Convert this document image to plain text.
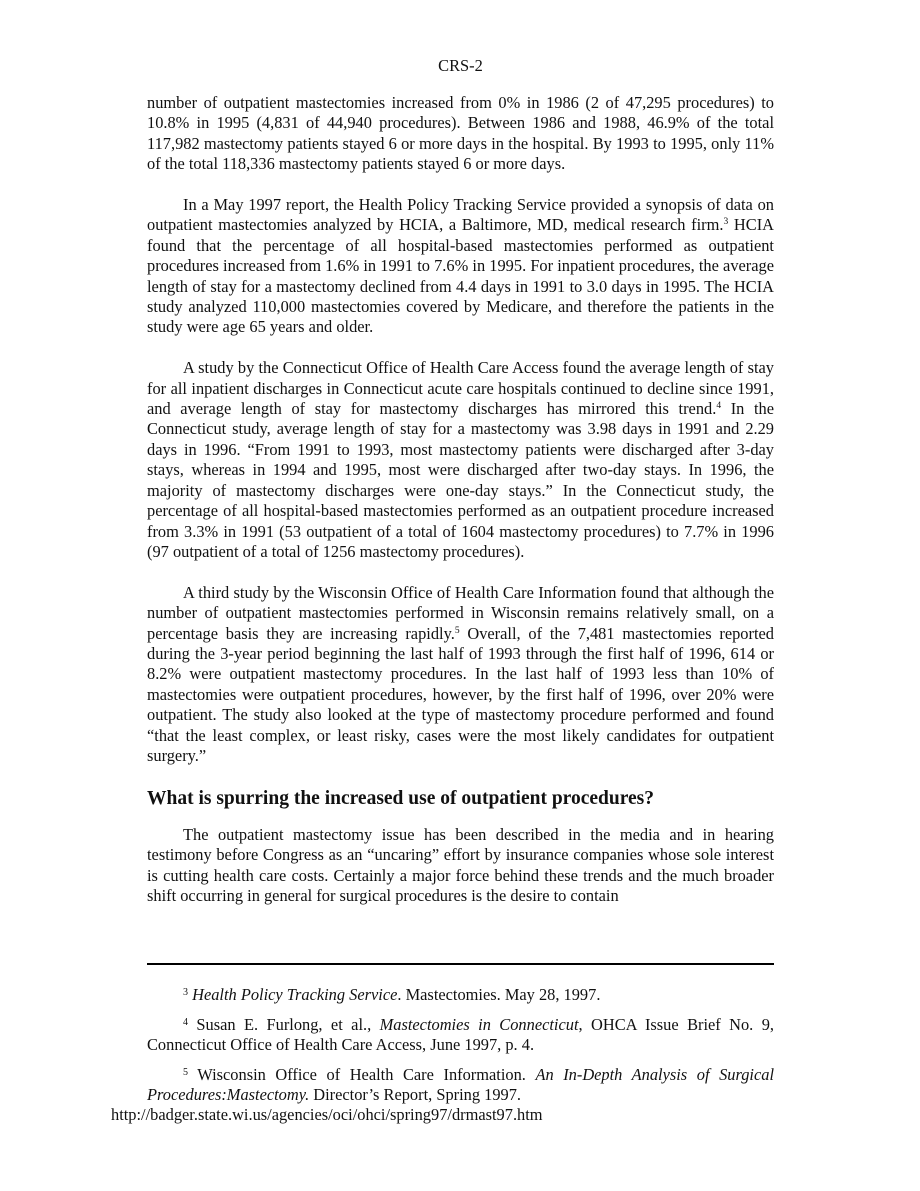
CRS-2

number of outpatient mastectomies increased from 0% in 1986 (2 of 47,295 procedures) to 10.8% in 1995 (4,831 of 44,940 procedures). Between 1986 and 1988, 46.9% of the total 117,982 mastectomy patients stayed 6 or more days in the hospital. By 1993 to 1995, only 11% of the total 118,336 mastectomy patients stayed 6 or more days.

In a May 1997 report, the Health Policy Tracking Service provided a synopsis of data on outpatient mastectomies analyzed by HCIA, a Baltimore, MD, medical research firm.$^3$ HCIA found that the percentage of all hospital-based mastectomies performed as outpatient procedures increased from 1.6% in 1991 to 7.6% in 1995. For inpatient procedures, the average length of stay for a mastectomy declined from 4.4 days in 1991 to 3.0 days in 1995. The HCIA study analyzed 110,000 mastectomies covered by Medicare, and therefore the patients in the study were age 65 years and older.

A study by the Connecticut Office of Health Care Access found the average length of stay for all inpatient discharges in Connecticut acute care hospitals continued to decline since 1991, and average length of stay for mastectomy discharges has mirrored this trend.$^4$ In the Connecticut study, average length of stay for a mastectomy was 3.98 days in 1991 and 2.29 days in 1996. “From 1991 to 1993, most mastectomy patients were discharged after 3-day stays, whereas in 1994 and 1995, most were discharged after two-day stays. In 1996, the majority of mastectomy discharges were one-day stays.” In the Connecticut study, the percentage of all hospital-based mastectomies performed as an outpatient procedure increased from 3.3% in 1991 (53 outpatient of a total of 1604 mastectomy procedures) to 7.7% in 1996 (97 outpatient of a total of 1256 mastectomy procedures).

A third study by the Wisconsin Office of Health Care Information found that although the number of outpatient mastectomies performed in Wisconsin remains relatively small, on a percentage basis they are increasing rapidly.$^5$ Overall, of the 7,481 mastectomies reported during the 3-year period beginning the last half of 1993 through the first half of 1996, 614 or 8.2% were outpatient mastectomy procedures. In the last half of 1993 less than 10% of mastectomies were outpatient procedures, however, by the first half of 1996, over 20% were outpatient. The study also looked at the type of mastectomy procedure performed and found “that the least complex, or least risky, cases were the most likely candidates for outpatient surgery.”

What is spurring the increased use of outpatient procedures?

The outpatient mastectomy issue has been described in the media and in hearing testimony before Congress as an “uncaring” effort by insurance companies whose sole interest is cutting health care costs. Certainly a major force behind these trends and the much broader shift occurring in general for surgical procedures is the desire to contain

$^3$ Health Policy Tracking Service. Mastectomies. May 28, 1997.
$^4$ Susan E. Furlong, et al., Mastectomies in Connecticut, OHCA Issue Brief No. 9, Connecticut Office of Health Care Access, June 1997, p. 4.
$^5$ Wisconsin Office of Health Care Information. An In-Depth Analysis of Surgical Procedures:Mastectomy. Director’s Report, Spring 1997.
http://badger.state.wi.us/agencies/oci/ohci/spring97/drmast97.htm
